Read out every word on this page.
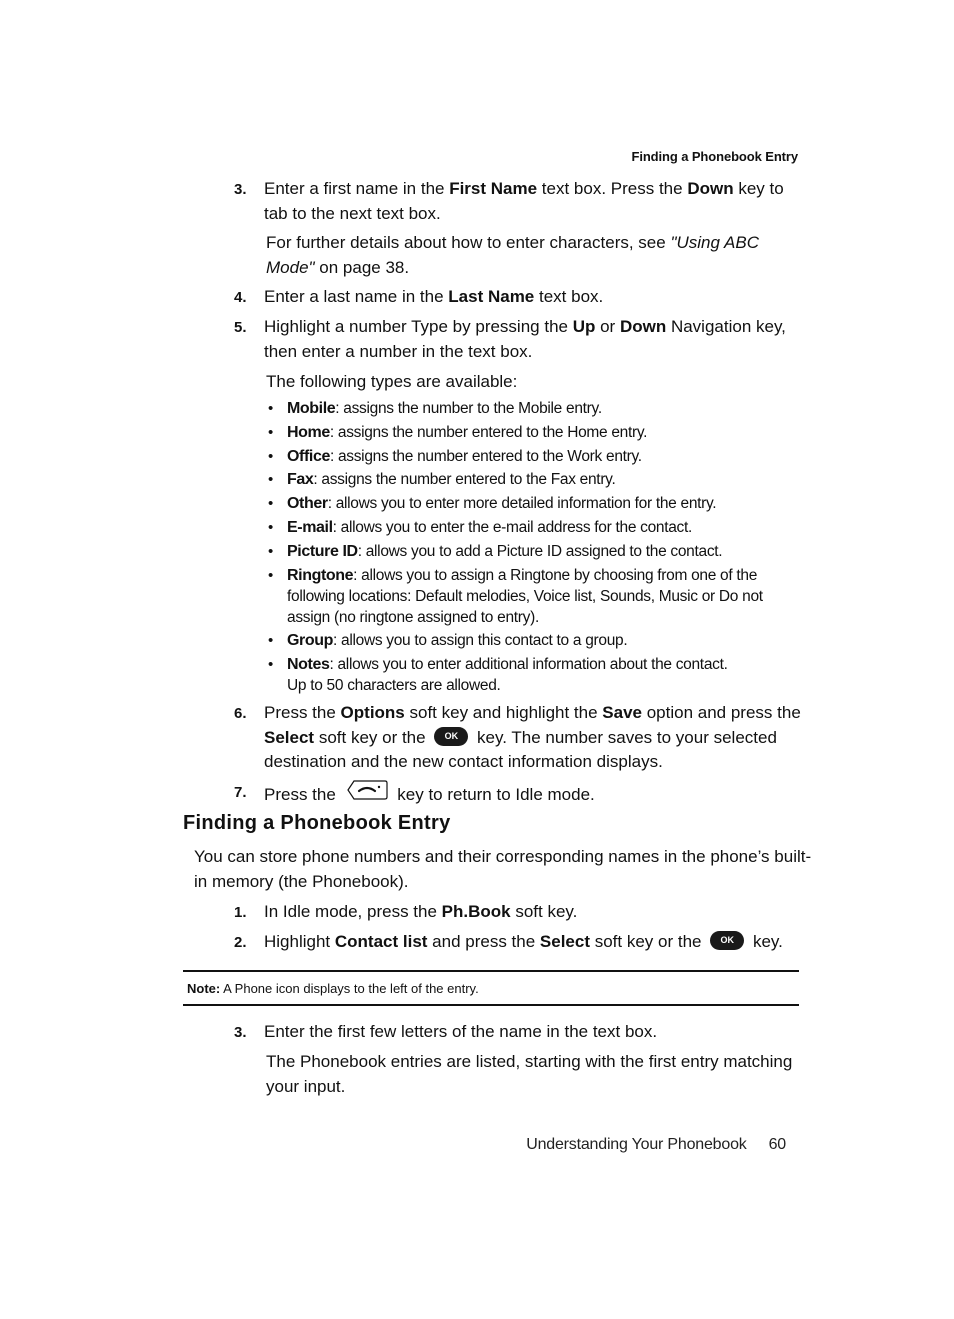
Finding a Phonebook Entry
3. Enter a first name in the First Name text box. Press the Down key to tab to the next text box.
For further details about how to enter characters, see "Using ABC Mode" on page 38.
4. Enter a last name in the Last Name text box.
5. Highlight a number Type by pressing the Up or Down Navigation key, then enter a number in the text box.
The following types are available:
• Mobile: assigns the number to the Mobile entry.
• Home: assigns the number entered to the Home entry.
• Office: assigns the number entered to the Work entry.
• Fax: assigns the number entered to the Fax entry.
• Other: allows you to enter more detailed information for the entry.
• E-mail: allows you to enter the e-mail address for the contact.
• Picture ID: allows you to add a Picture ID assigned to the contact.
• Ringtone: allows you to assign a Ringtone by choosing from one of the following locations: Default melodies, Voice list, Sounds, Music or Do not assign (no ringtone assigned to entry).
• Group: allows you to assign this contact to a group.
• Notes: allows you to enter additional information about the contact.
Up to 50 characters are allowed.
6. Press the Options soft key and highlight the Save option and press the Select soft key or the OK key. The number saves to your selected destination and the new contact information displays.
7. Press the	key to return to Idle mode.
Finding a Phonebook Entry
You can store phone numbers and their corresponding names in the phone’s built-in memory (the Phonebook).
1. In Idle mode, press the Ph.Book soft key.
2. Highlight Contact list and press the Select soft key or the OK key.
Note: A Phone icon displays to the left of the entry.
3. Enter the first few letters of the name in the text box.
The Phonebook entries are listed, starting with the first entry matching your input.
Understanding Your Phonebook 60
